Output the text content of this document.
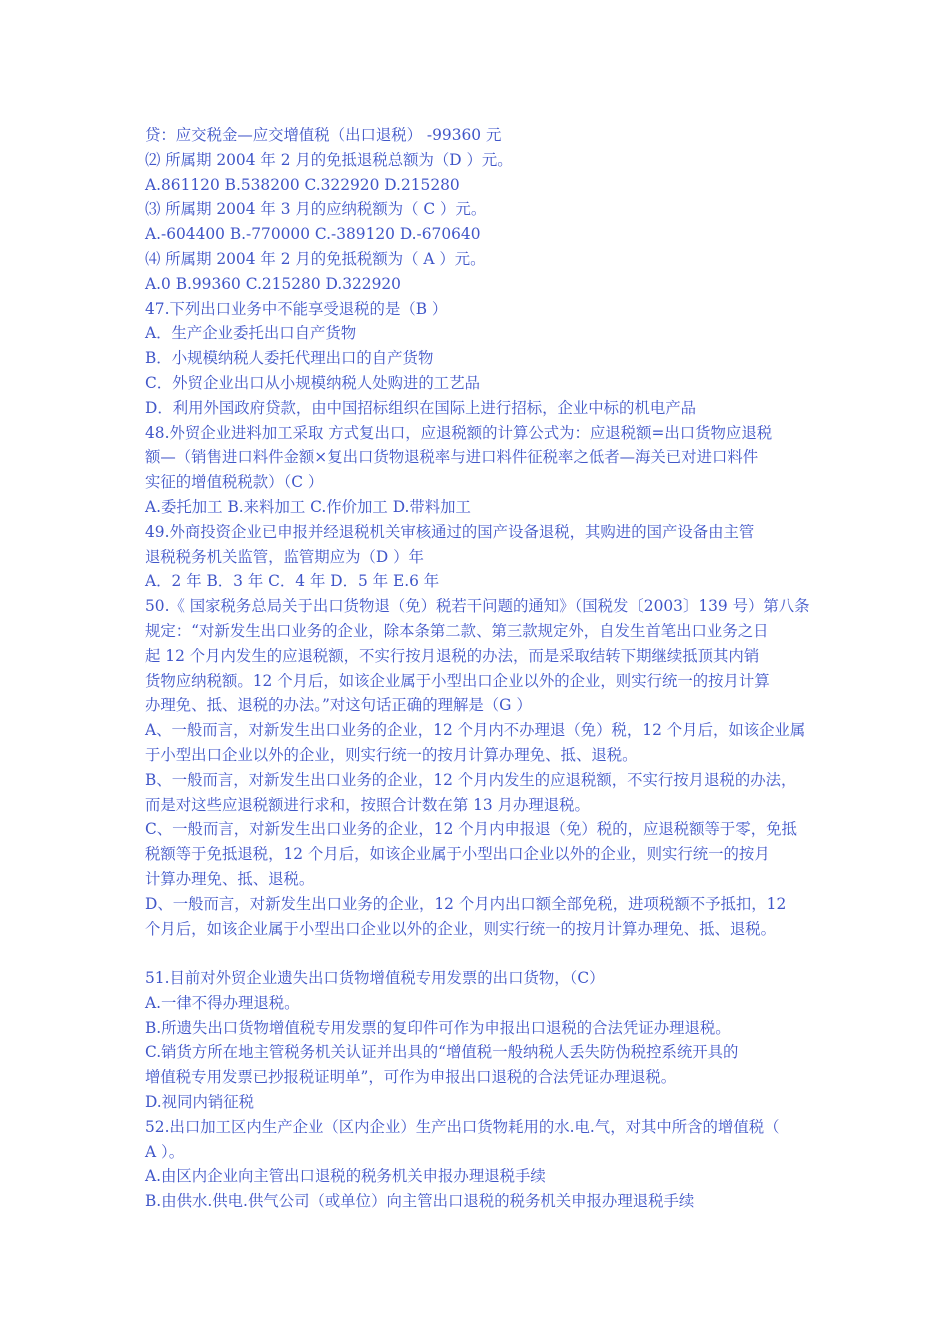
贷：应交税金—应交增值税（出口退税） -99360 元
⑵ 所属期 2004 年 2 月的免抵退税总额为（D ）元。
A.861120 B.538200 C.322920 D.215280
⑶ 所属期 2004 年 3 月的应纳税额为（ C ）元。
A.-604400 B.-770000 C.-389120 D.-670640
⑷ 所属期 2004 年 2 月的免抵税额为（ A ）元。
A.0 B.99360 C.215280 D.322920
47.下列出口业务中不能享受退税的是（B ）
A．生产企业委托出口自产货物
B．小规模纳税人委托代理出口的自产货物
C．外贸企业出口从小规模纳税人处购进的工艺品
D．利用外国政府贷款，由中国招标组织在国际上进行招标，企业中标的机电产品
48.外贸企业进料加工采取 方式复出口，应退税额的计算公式为：应退税额=出口货物应退税
额—（销售进口料件金额×复出口货物退税率与进口料件征税率之低者—海关已对进口料件
实征的增值税税款）（C ）
A.委托加工 B.来料加工 C.作价加工 D.带料加工
49.外商投资企业已申报并经退税机关审核通过的国产设备退税，其购进的国产设备由主管
退税税务机关监管，监管期应为（D ）年
A．2 年 B．3 年 C．4 年 D．5 年 E.6 年
50.《 国家税务总局关于出口货物退（免）税若干问题的通知》（国税发〔2003〕139 号）第八条
规定：“对新发生出口业务的企业，除本条第二款、第三款规定外，自发生首笔出口业务之日
起 12 个月内发生的应退税额，不实行按月退税的办法，而是采取结转下期继续抵顶其内销
货物应纳税额。12 个月后，如该企业属于小型出口企业以外的企业，则实行统一的按月计算
办理免、抵、退税的办法。”对这句话正确的理解是（G ）
A、一般而言，对新发生出口业务的企业，12 个月内不办理退（免）税，12 个月后，如该企业属
于小型出口企业以外的企业，则实行统一的按月计算办理免、抵、退税。
B、一般而言，对新发生出口业务的企业，12 个月内发生的应退税额，不实行按月退税的办法，
而是对这些应退税额进行求和，按照合计数在第 13 月办理退税。
C、一般而言，对新发生出口业务的企业，12 个月内申报退（免）税的，应退税额等于零，免抵
税额等于免抵退税，12 个月后，如该企业属于小型出口企业以外的企业，则实行统一的按月
计算办理免、抵、退税。
D、一般而言，对新发生出口业务的企业，12 个月内出口额全部免税，进项税额不予抵扣，12
个月后，如该企业属于小型出口企业以外的企业，则实行统一的按月计算办理免、抵、退税。
51.目前对外贸企业遗失出口货物增值税专用发票的出口货物，（C）
A.一律不得办理退税。
B.所遗失出口货物增值税专用发票的复印件可作为申报出口退税的合法凭证办理退税。
C.销货方所在地主管税务机关认证并出具的“增值税一般纳税人丢失防伪税控系统开具的
增值税专用发票已抄报税证明单”，可作为申报出口退税的合法凭证办理退税。
D.视同内销征税
52.出口加工区内生产企业（区内企业）生产出口货物耗用的水.电.气，对其中所含的增值税（
A ）。
A.由区内企业向主管出口退税的税务机关申报办理退税手续
B.由供水.供电.供气公司（或单位）向主管出口退税的税务机关申报办理退税手续
